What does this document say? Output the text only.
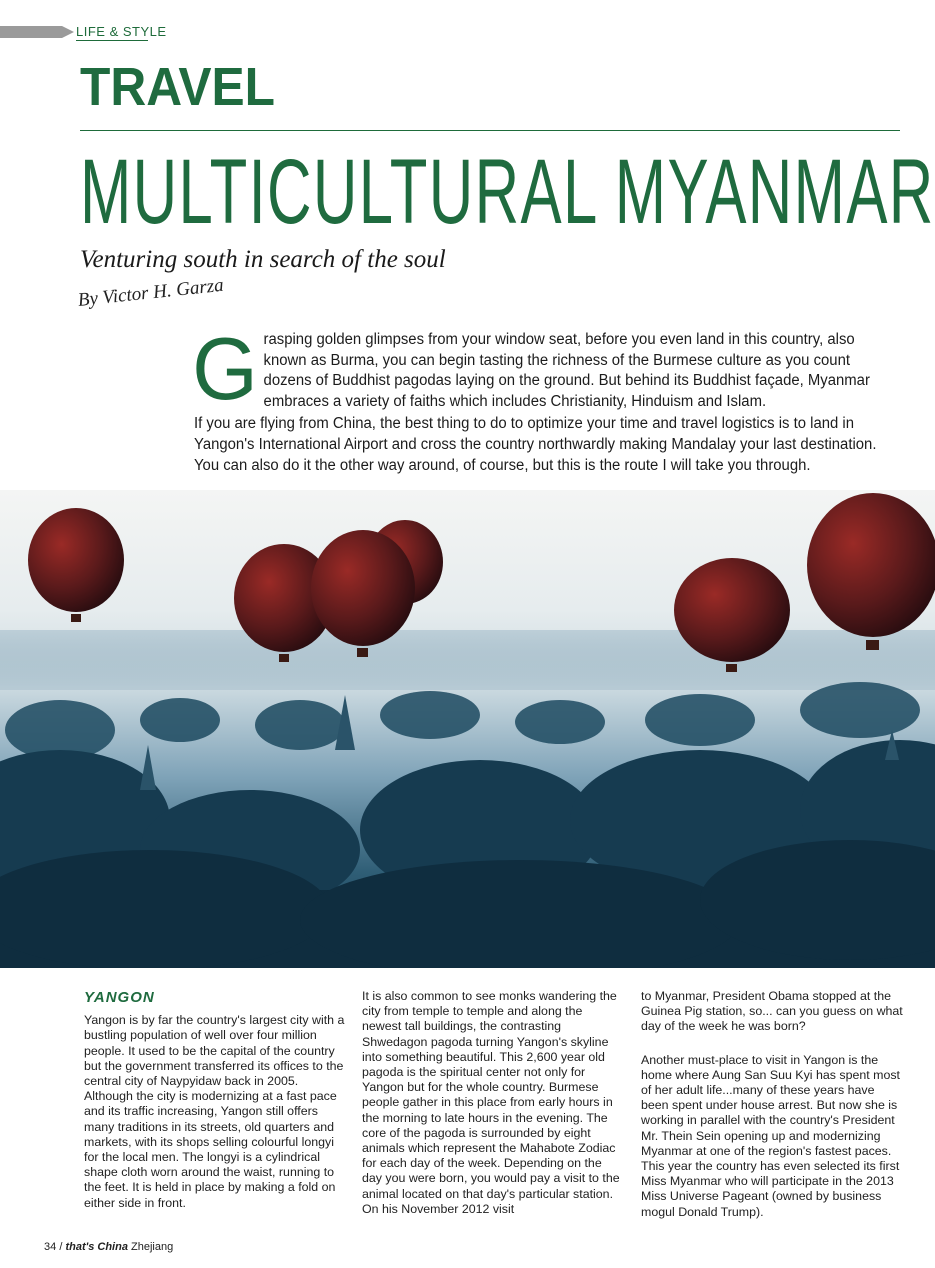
LIFE & STYLE
TRAVEL
MULTICULTURAL MYANMAR
Venturing south in search of the soul
By Victor H. Garza

Grasping golden glimpses from your window seat, before you even land in this country, also known as Burma, you can begin tasting the richness of the Burmese culture as you count dozens of Buddhist pagodas laying on the ground. But behind its Buddhist façade, Myanmar embraces a variety of faiths which includes Christianity, Hinduism and Islam.

If you are flying from China, the best thing to do to optimize your time and travel logistics is to land in Yangon's International Airport and cross the country northwardly making Mandalay your last destination. You can also do it the other way around, of course, but this is the route I will take you through.

YANGON

Yangon is by far the country's largest city with a bustling population of well over four million people. It used to be the capital of the country but the government transferred its offices to the central city of Naypyidaw back in 2005. Although the city is modernizing at a fast pace and its traffic increasing, Yangon still offers many traditions in its streets, old quarters and markets, with its shops selling colourful longyi for the local men. The longyi is a cylindrical shape cloth worn around the waist, running to the feet. It is held in place by making a fold on either side in front.

It is also common to see monks wandering the city from temple to temple and along the newest tall buildings, the contrasting Shwedagon pagoda turning Yangon's skyline into something beautiful. This 2,600 year old pagoda is the spiritual center not only for Yangon but for the whole country. Burmese people gather in this place from early hours in the morning to late hours in the evening. The core of the pagoda is surrounded by eight animals which represent the Mahabote Zodiac for each day of the week. Depending on the day you were born, you would pay a visit to the animal located on that day's particular station. On his November 2012 visit

to Myanmar, President Obama stopped at the Guinea Pig station, so... can you guess on what day of the week he was born?

Another must-place to visit in Yangon is the home where Aung San Suu Kyi has spent most of her adult life...many of these years have been spent under house arrest. But now she is working in parallel with the country's President Mr. Thein Sein opening up and modernizing Myanmar at one of the region's fastest paces. This year the country has even selected its first Miss Myanmar who will participate in the 2013 Miss Universe Pageant (owned by business mogul Donald Trump).

34 / that's China Zhejiang
